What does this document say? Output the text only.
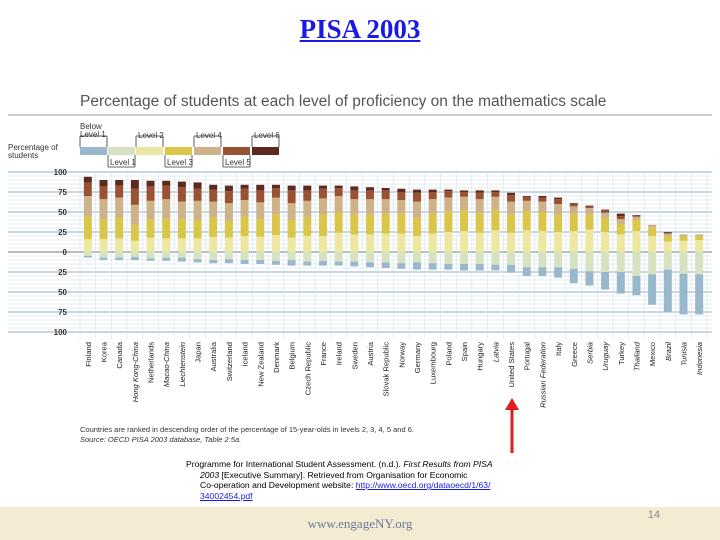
PISA 2003
Percentage of students at each level of proficiency on the mathematics scale
Below Level 1	Level 2	Level 4	Level 6
Level 1	Level 3	Level 5
Percentage of students
100
75
50
25
0
25
50
75
100
Finland Korea Canada Hong Kong-China Netherlands Macao-China Liechtenstein Japan Australia Switzerland Iceland New Zealand Denmark Belgium Czech Republic France Ireland Sweden Austria Slovak Republic Norway Germany Luxembourg Poland Spain Hungary Latvia United States Portugal Russian Federation Italy Greece Serbia Uruguay Turkey Thailand Mexico Brazil Tunisia Indonesia
Countries are ranked in descending order of the percentage of 15-year-olds in levels 2, 3, 4, 5 and 6.
Source: OECD PISA 2003 database, Table 2.5a.
Programme for International Student Assessment. (n.d.). First Results from PISA
2003 [Executive Summary]. Retrieved from Organisation for Economic
Co-operation and Development website: http://www.oecd.org/dataoecd/1/63/
34002454.pdf
www.engageNY.org
14
